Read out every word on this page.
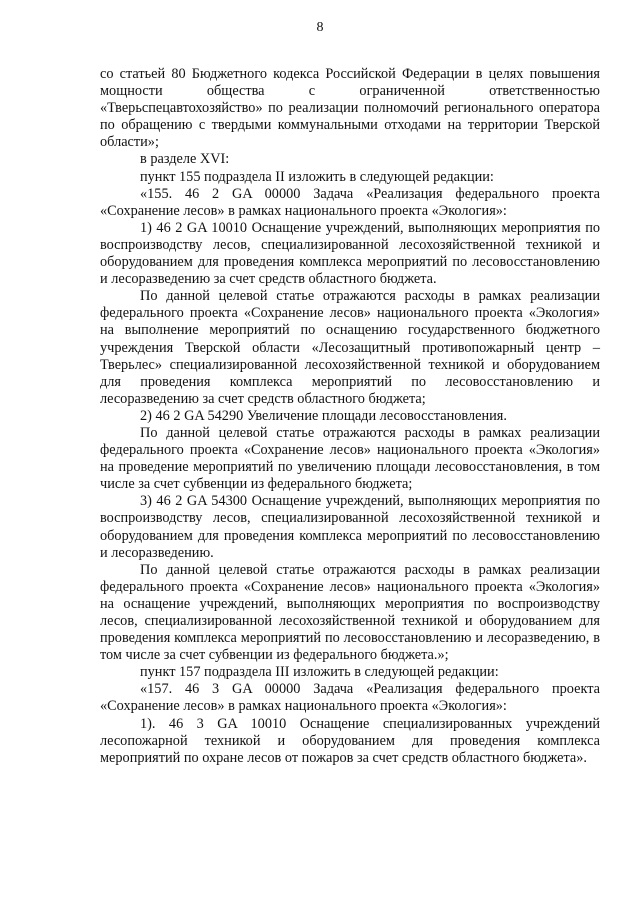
8

со статьей 80 Бюджетного кодекса Российской Федерации в целях повышения мощности общества с ограниченной ответственностью «Тверьспецавтохозяйство» по реализации полномочий регионального оператора по обращению с твердыми коммунальными отходами на территории Тверской области»;

в разделе XVI:

пункт 155 подраздела II изложить в следующей редакции:

«155. 46 2 GA 00000 Задача «Реализация федерального проекта «Сохранение лесов» в рамках национального проекта «Экология»:

1) 46 2 GA 10010 Оснащение учреждений, выполняющих мероприятия по воспроизводству лесов, специализированной лесохозяйственной техникой и оборудованием для проведения комплекса мероприятий по лесовосстановлению и лесоразведению за счет средств областного бюджета.

По данной целевой статье отражаются расходы в рамках реализации федерального проекта «Сохранение лесов» национального проекта «Экология» на выполнение мероприятий по оснащению государственного бюджетного учреждения Тверской области «Лесозащитный противопожарный центр – Тверьлес» специализированной лесохозяйственной техникой и оборудованием для проведения комплекса мероприятий по лесовосстановлению и лесоразведению за счет средств областного бюджета;

2) 46 2 GA 54290 Увеличение площади лесовосстановления.

По данной целевой статье отражаются расходы в рамках реализации федерального проекта «Сохранение лесов» национального проекта «Экология» на проведение мероприятий по увеличению площади лесовосстановления, в том числе за счет субвенции из федерального бюджета;

3) 46 2 GA 54300 Оснащение учреждений, выполняющих мероприятия по воспроизводству лесов, специализированной лесохозяйственной техникой и оборудованием для проведения комплекса мероприятий по лесовосстановлению и лесоразведению.

По данной целевой статье отражаются расходы в рамках реализации федерального проекта «Сохранение лесов» национального проекта «Экология» на оснащение учреждений, выполняющих мероприятия по воспроизводству лесов, специализированной лесохозяйственной техникой и оборудованием для проведения комплекса мероприятий по лесовосстановлению и лесоразведению, в том числе за счет субвенции из федерального бюджета.»;

пункт 157 подраздела III изложить в следующей редакции:

«157. 46 3 GA 00000 Задача «Реализация федерального проекта «Сохранение лесов» в рамках национального проекта «Экология»:

1). 46 3 GA 10010 Оснащение специализированных учреждений лесопожарной техникой и оборудованием для проведения комплекса мероприятий по охране лесов от пожаров за счет средств областного бюджета».
